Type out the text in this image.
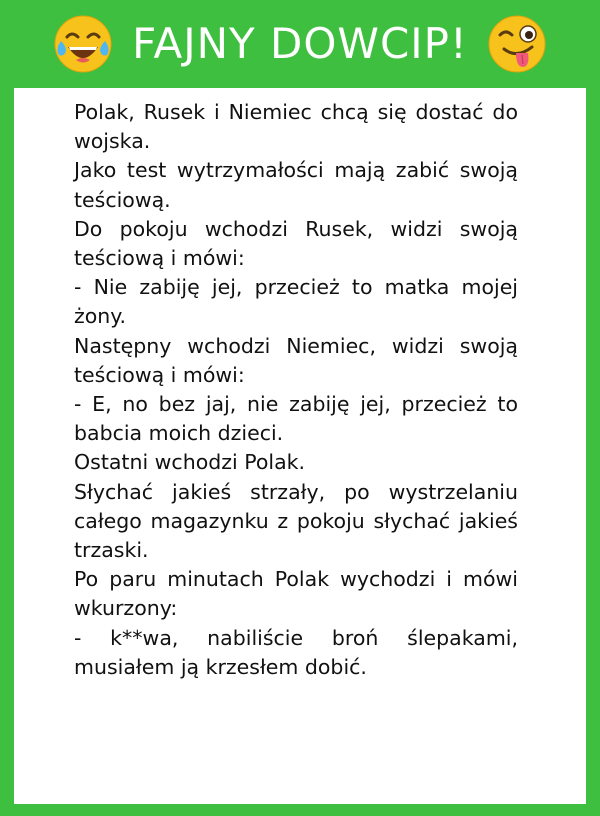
FAJNY DOWCIP!

Polak, Rusek i Niemiec chcą się dostać do wojska.

Jako test wytrzymałości mają zabić swoją teściową.

Do pokoju wchodzi Rusek, widzi swoją teściową i mówi:

- Nie zabiję jej, przecież to matka mojej żony.

Następny wchodzi Niemiec, widzi swoją teściową i mówi:

- E, no bez jaj, nie zabiję jej, przecież to babcia moich dzieci.

Ostatni wchodzi Polak.

Słychać jakieś strzały, po wystrzelaniu całego magazynku z pokoju słychać jakieś trzaski.

Po paru minutach Polak wychodzi i mówi wkurzony:

- k**wa, nabiliście broń ślepakami, musiałem ją krzesłem dobić.
